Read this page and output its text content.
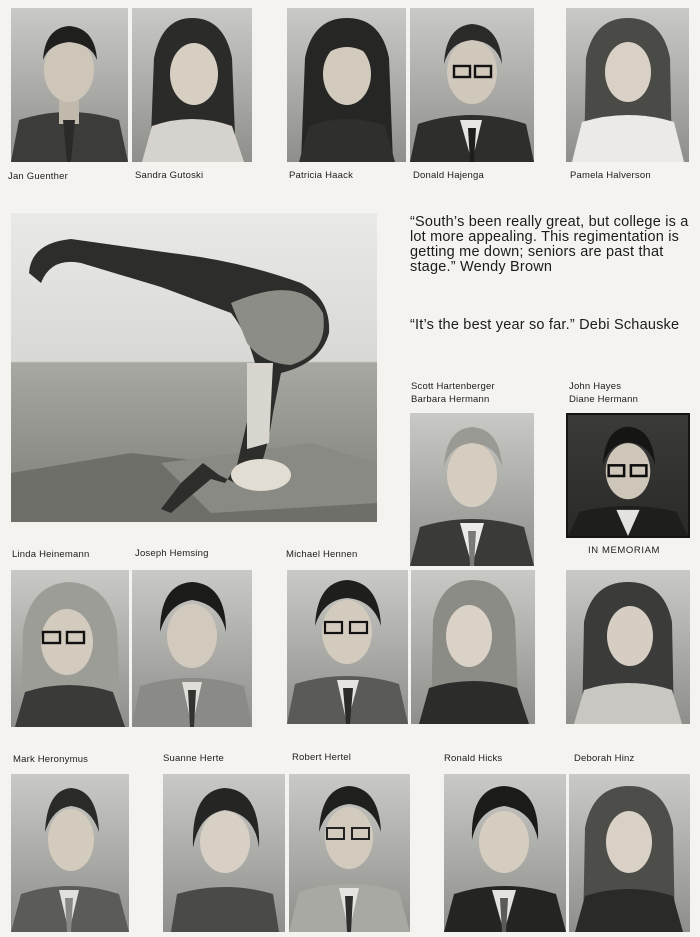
Jan Guenther	Sandra Gutoski	Patricia Haack	Donald Hajenga	Pamela Halverson
“South’s been really great, but college is a lot more appealing. This regimentation is getting me down; seniors are past that stage.” Wendy Brown
“It’s the best year so far.” Debi Schauske
Scott Hartenberger
Barbara Hermann
John Hayes
Diane Hermann
IN MEMORIAM
Linda Heinemann	Joseph Hemsing	Michael Hennen
Mark Heronymus	Suanne Herte	Robert Hertel	Ronald Hicks	Deborah Hinz
